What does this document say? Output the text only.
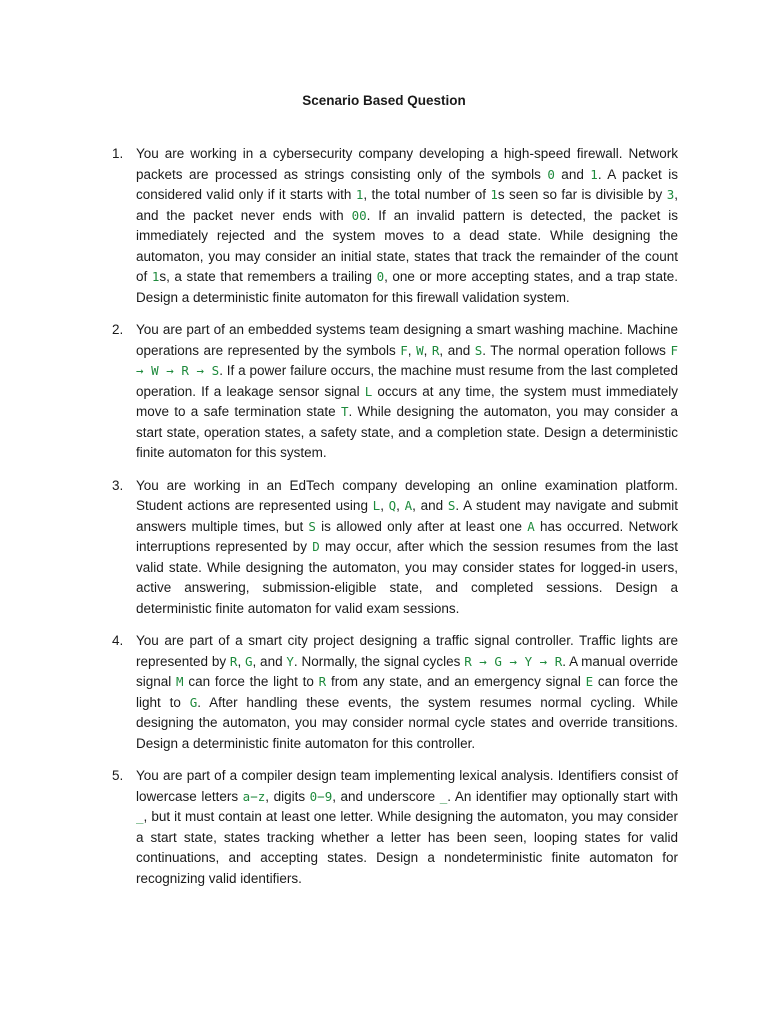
Scenario Based Question
1. You are working in a cybersecurity company developing a high-speed firewall. Network packets are processed as strings consisting only of the symbols 0 and 1. A packet is considered valid only if it starts with 1, the total number of 1s seen so far is divisible by 3, and the packet never ends with 00. If an invalid pattern is detected, the packet is immediately rejected and the system moves to a dead state. While designing the automaton, you may consider an initial state, states that track the remainder of the count of 1s, a state that remembers a trailing 0, one or more accepting states, and a trap state. Design a deterministic finite automaton for this firewall validation system.
2. You are part of an embedded systems team designing a smart washing machine. Machine operations are represented by the symbols F, W, R, and S. The normal operation follows F → W → R → S. If a power failure occurs, the machine must resume from the last completed operation. If a leakage sensor signal L occurs at any time, the system must immediately move to a safe termination state T. While designing the automaton, you may consider a start state, operation states, a safety state, and a completion state. Design a deterministic finite automaton for this system.
3. You are working in an EdTech company developing an online examination platform. Student actions are represented using L, Q, A, and S. A student may navigate and submit answers multiple times, but S is allowed only after at least one A has occurred. Network interruptions represented by D may occur, after which the session resumes from the last valid state. While designing the automaton, you may consider states for logged-in users, active answering, submission-eligible state, and completed sessions. Design a deterministic finite automaton for valid exam sessions.
4. You are part of a smart city project designing a traffic signal controller. Traffic lights are represented by R, G, and Y. Normally, the signal cycles R → G → Y → R. A manual override signal M can force the light to R from any state, and an emergency signal E can force the light to G. After handling these events, the system resumes normal cycling. While designing the automaton, you may consider normal cycle states and override transitions. Design a deterministic finite automaton for this controller.
5. You are part of a compiler design team implementing lexical analysis. Identifiers consist of lowercase letters a−z, digits 0−9, and underscore _. An identifier may optionally start with _, but it must contain at least one letter. While designing the automaton, you may consider a start state, states tracking whether a letter has been seen, looping states for valid continuations, and accepting states. Design a nondeterministic finite automaton for recognizing valid identifiers.
